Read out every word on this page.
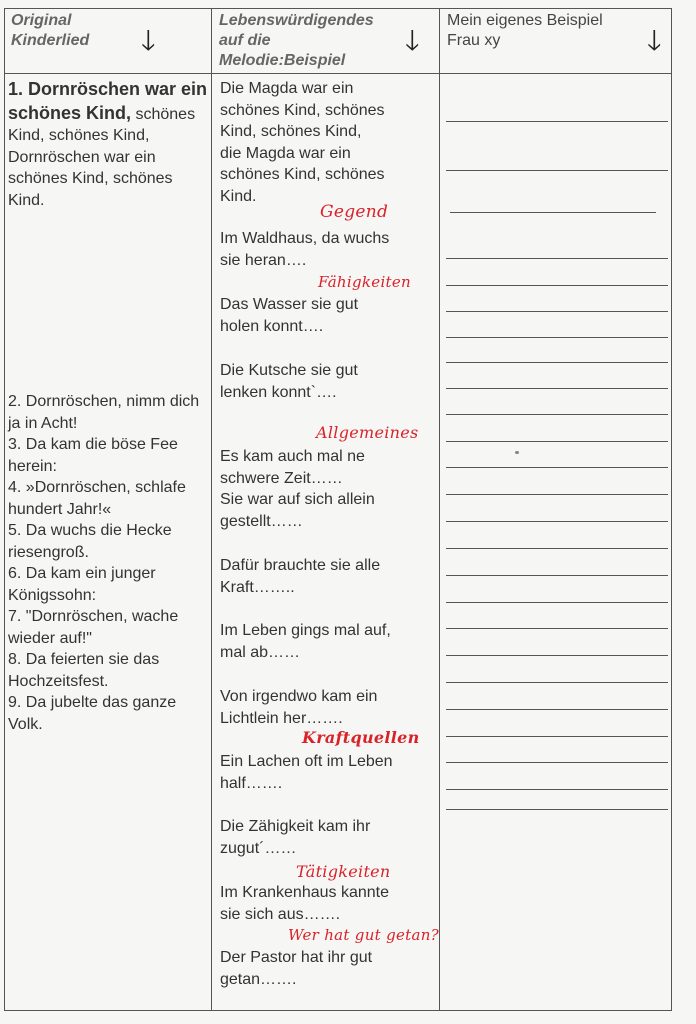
Original
Kinderlied	🡓
Lebenswürdigendes
auf die
Melodie:Beispiel
🡓
Mein eigenes Beispiel
Frau xy	🡓
1. Dornröschen war ein schönes Kind, schönes Kind, schönes Kind, Dornröschen war ein schönes Kind, schönes Kind.

2. Dornröschen, nimm dich ja in Acht!

3. Da kam die böse Fee herein:

4. »Dornröschen, schlafe hundert Jahr!«

5. Da wuchs die Hecke riesengroß.

6. Da kam ein junger Königssohn:

7. "Dornröschen, wache wieder auf!"

8. Da feierten sie das Hochzeitsfest.

9. Da jubelte das ganze Volk.

Die Magda war ein
schönes Kind, schönes
Kind, schönes Kind,
die Magda war ein
schönes Kind, schönes
Kind.
Im Waldhaus, da wuchs
sie heran….
Das Wasser sie gut
holen konnt….
Die Kutsche sie gut
lenken konnt`….
Es kam auch mal ne
schwere Zeit……
Sie war auf sich allein
gestellt……
Dafür brauchte sie alle
Kraft……..
Im Leben gings mal auf,
mal ab……
Von irgendwo kam ein
Lichtlein her…….
Ein Lachen oft im Leben
half…….
Die Zähigkeit kam ihr
zugut´……
Im Krankenhaus kannte
sie sich aus…….
Der Pastor hat ihr gut
getan…….
Gegend
Fähigkeiten
Allgemeines
Kraftquellen
Tätigkeiten
Wer hat gut getan?
